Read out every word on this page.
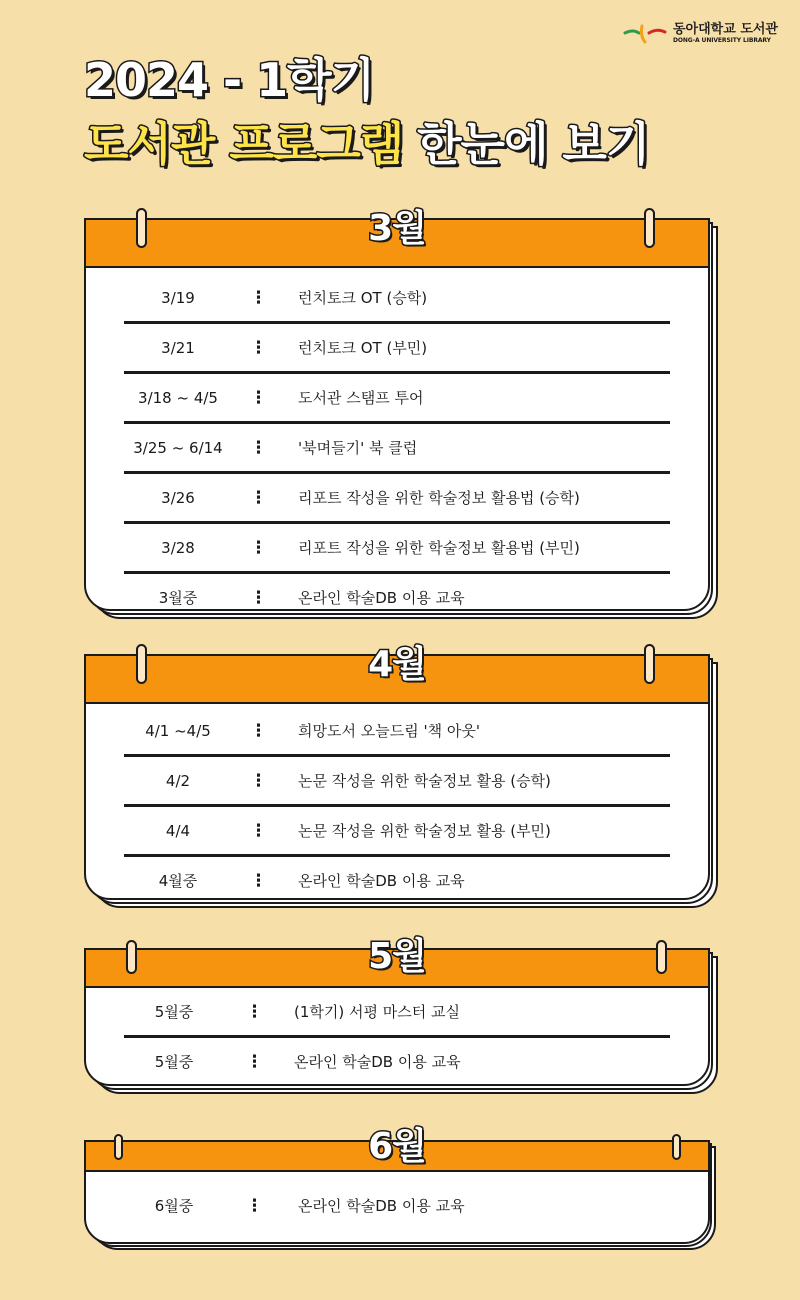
동아대학교 도서관
DONG-A UNIVERSITY LIBRARY
2024 - 1학기
도서관 프로그램 한눈에 보기
3/19	⋮ 런치토크 OT (승학)
3/21	⋮ 런치토크 OT (부민)
3/18 ~ 4/5	⋮ 도서관 스탬프 투어
3/25 ~ 6/14	⋮ '북며들기' 북 클럽
3/26	⋮ 리포트 작성을 위한 학술정보 활용법 (승학)
3/28	⋮ 리포트 작성을 위한 학술정보 활용법 (부민)
3월중	⋮ 온라인 학술DB 이용 교육
3월
4/1 ~4/5	⋮ 희망도서 오늘드림 '책 아웃'
4/2	⋮ 논문 작성을 위한 학술정보 활용 (승학)
4/4	⋮ 논문 작성을 위한 학술정보 활용 (부민)
4월중	⋮ 온라인 학술DB 이용 교육
4월
5월중	⋮ (1학기) 서평 마스터 교실
5월중	⋮ 온라인 학술DB 이용 교육
5월
6월중	⋮ 온라인 학술DB 이용 교육
6월
